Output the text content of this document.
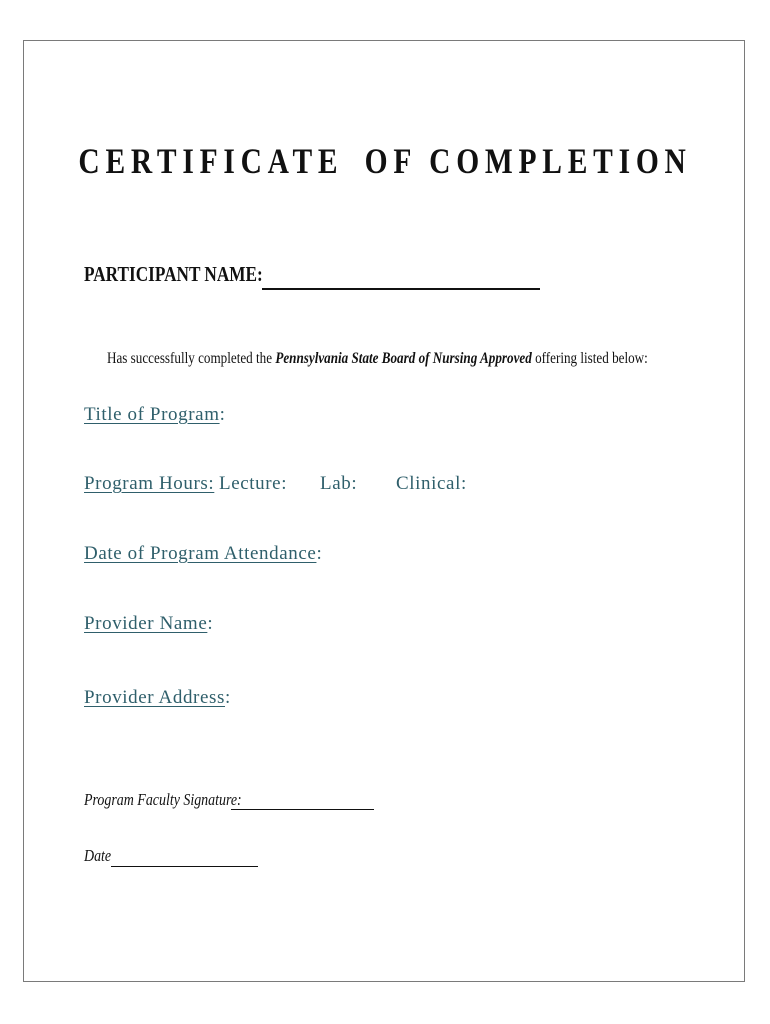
CERTIFICATE OF COMPLETION
PARTICIPANT NAME:
Has successfully completed the Pennsylvania State Board of Nursing Approved offering listed below:
Title of Program:
Program Hours: Lecture: Lab: Clinical:
Date of Program Attendance:
Provider Name:
Provider Address:
Program Faculty Signature:
Date
